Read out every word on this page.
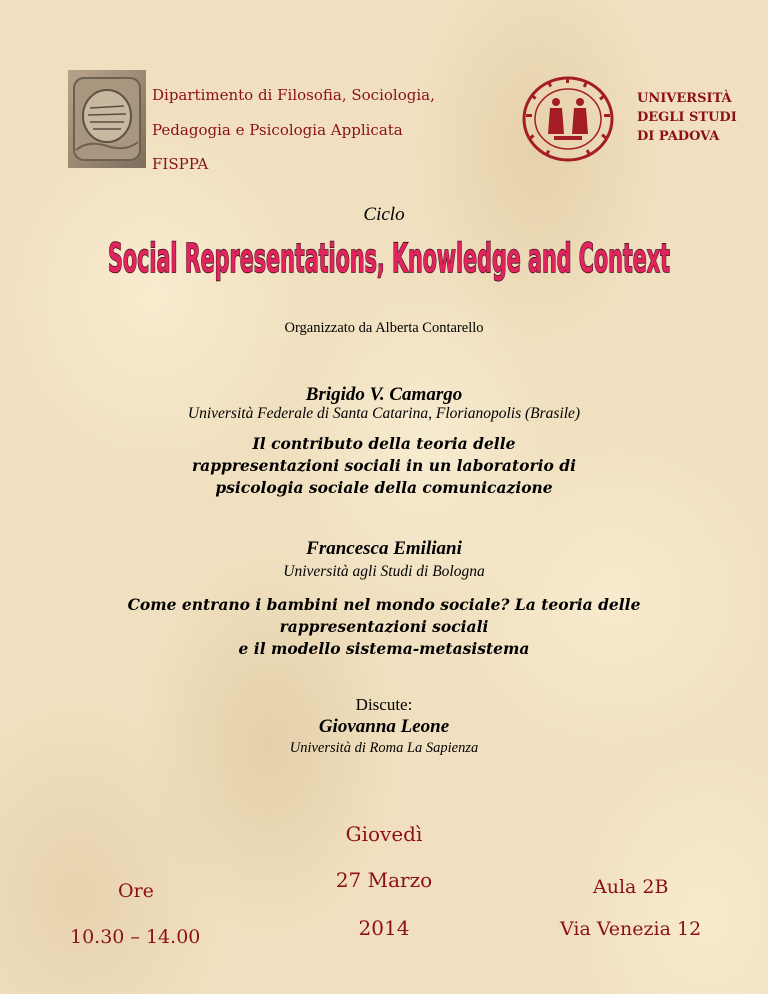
Dipartimento di Filosofia, Sociologia,
Pedagogia e Psicologia Applicata
FISPPA
UNIVERSITÀ
DEGLI STUDI
DI PADOVA
Ciclo
Social Representations, Knowledge and Context
Organizzato da Alberta Contarello
Brigido V. Camargo
Università Federale di Santa Catarina, Florianopolis (Brasile)
Il contributo della teoria delle
rappresentazioni sociali in un laboratorio di
psicologia sociale della comunicazione
Francesca Emiliani
Università agli Studi di Bologna
Come entrano i bambini nel mondo sociale? La teoria delle
rappresentazioni sociali
e il modello sistema-metasistema
Discute:
Giovanna Leone
Università di Roma La Sapienza
Giovedì
27 Marzo
2014
Ore
10.30 – 14.00
Aula 2B
Via Venezia 12
